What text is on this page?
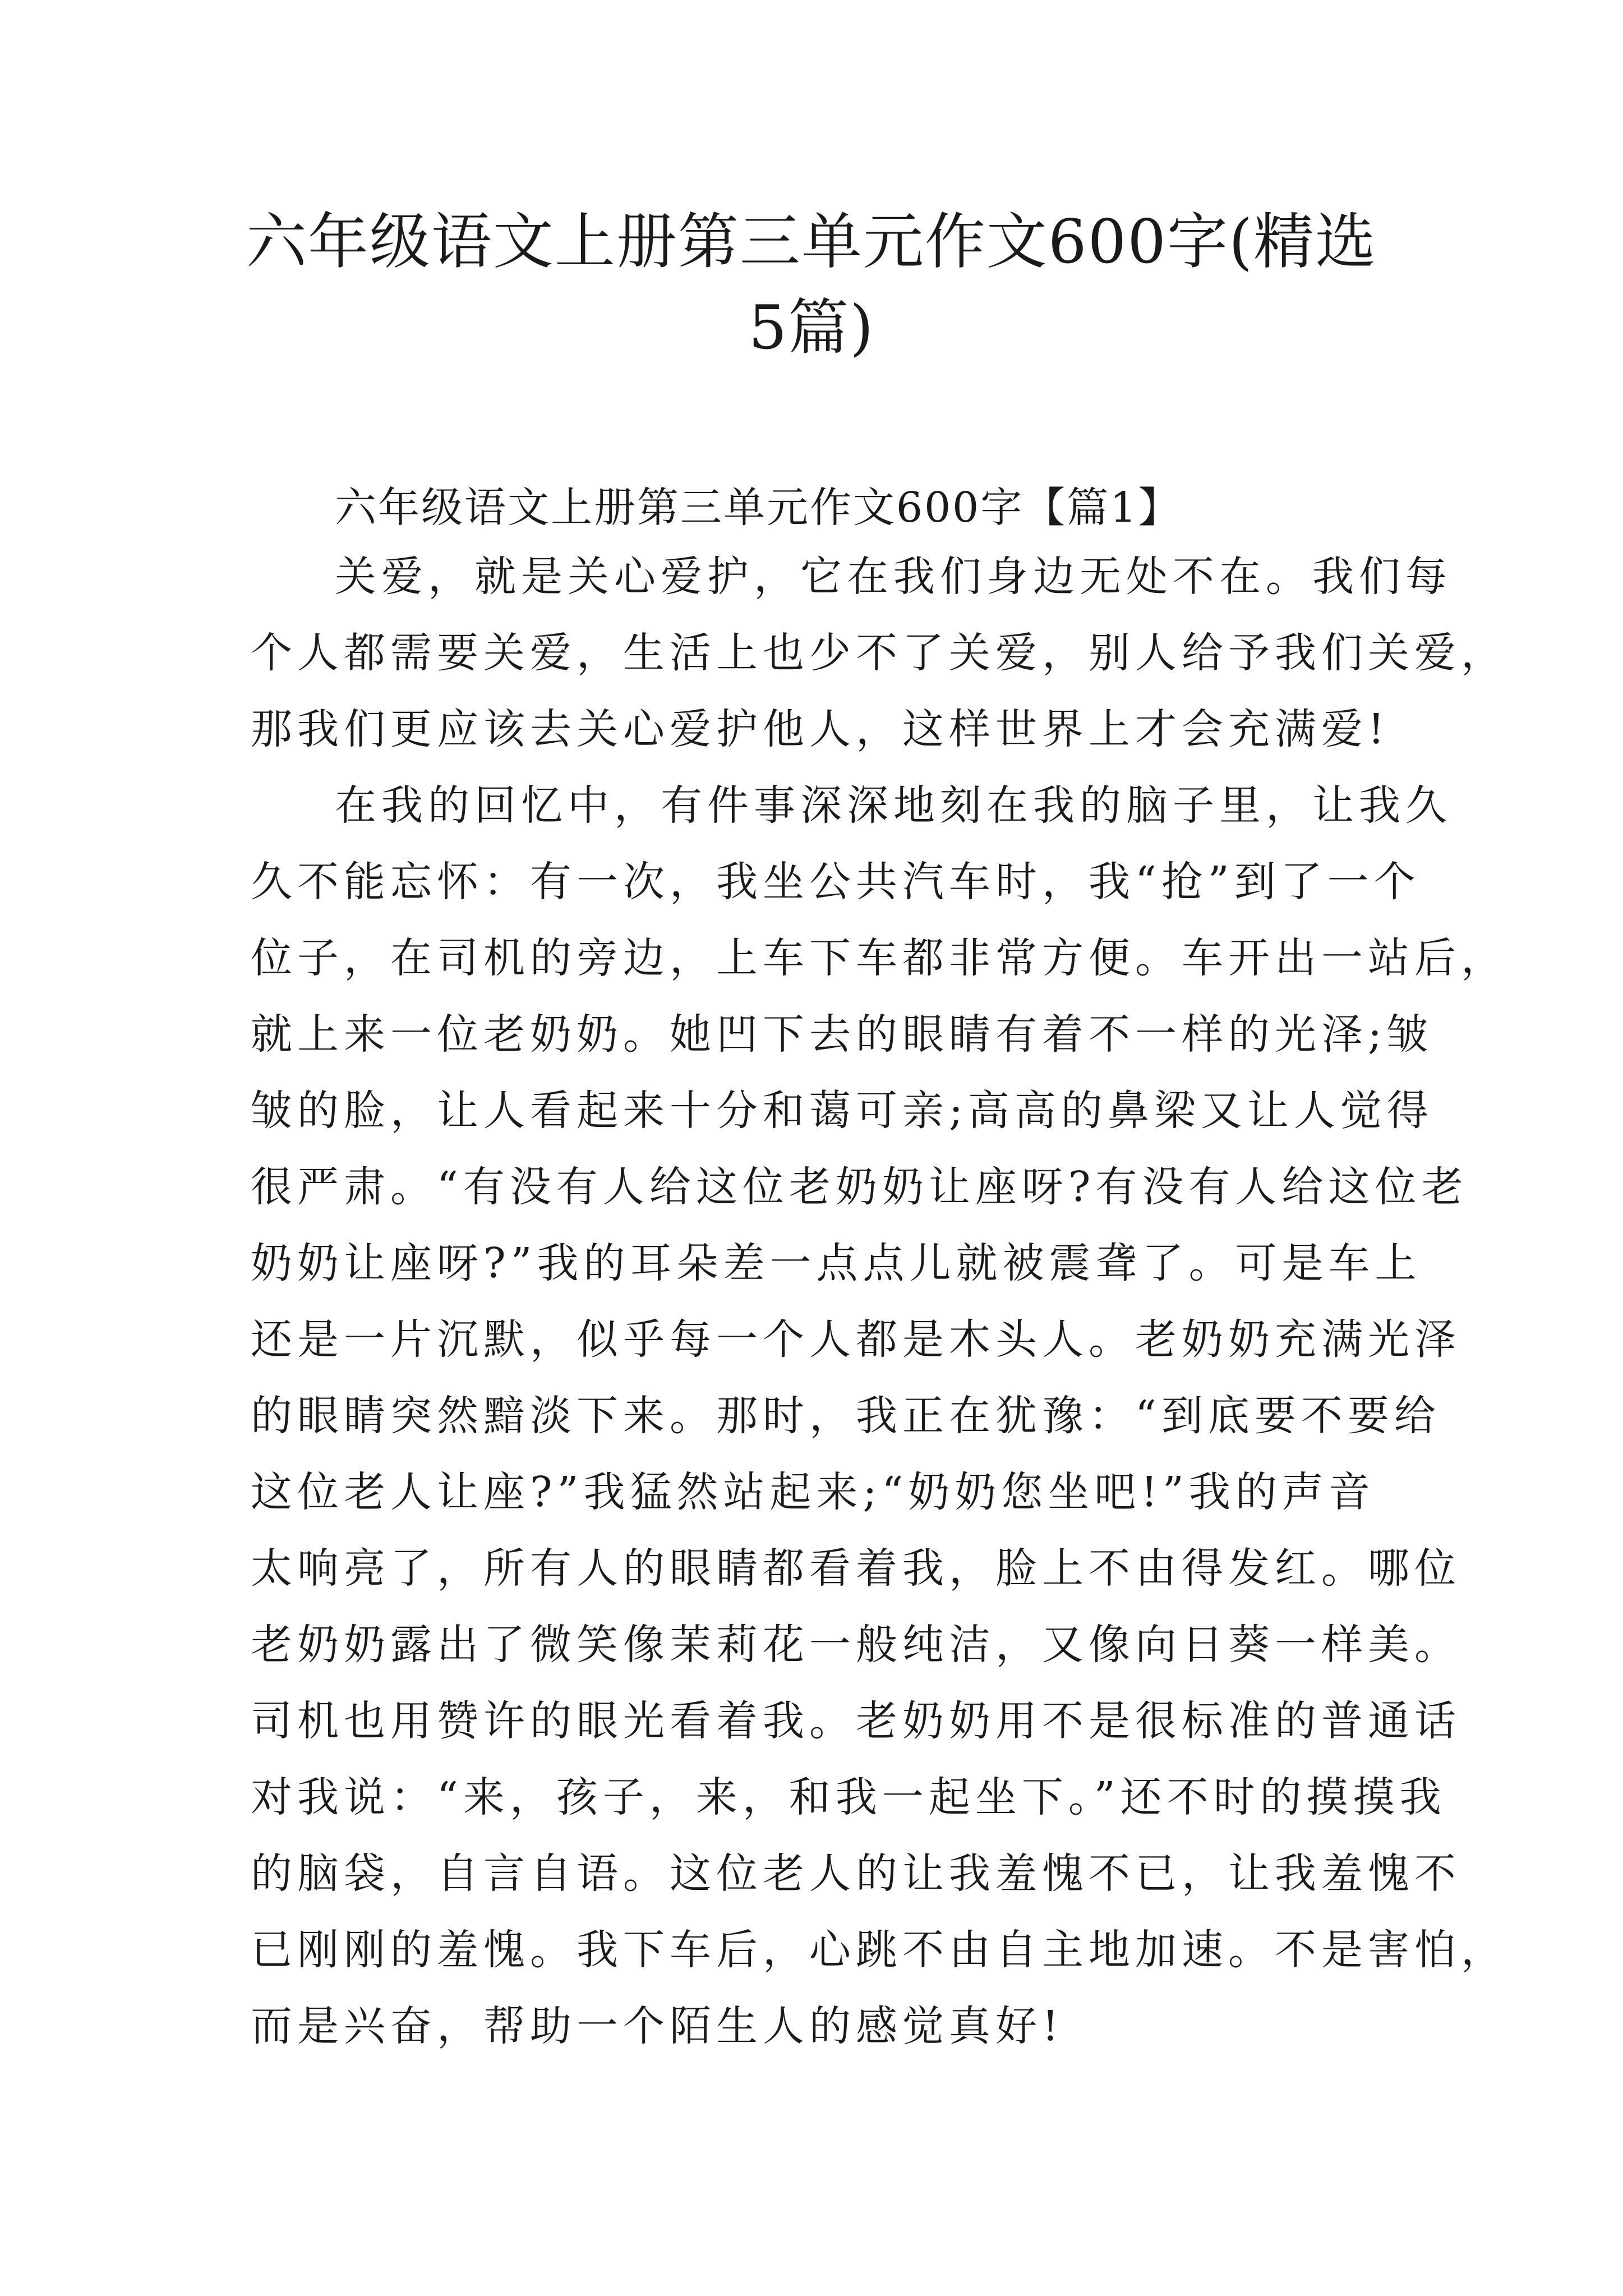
六年级语文上册第三单元作文600字(精选
5篇)
六年级语文上册第三单元作文600字【篇1】
关爱，就是关心爱护，它在我们身边无处不在。我们每
个人都需要关爱，生活上也少不了关爱，别人给予我们关爱，
那我们更应该去关心爱护他人，这样世界上才会充满爱!
在我的回忆中，有件事深深地刻在我的脑子里，让我久
久不能忘怀：有一次，我坐公共汽车时，我“抢”到了一个
位子，在司机的旁边，上车下车都非常方便。车开出一站后，
就上来一位老奶奶。她凹下去的眼睛有着不一样的光泽;皱
皱的脸，让人看起来十分和蔼可亲;高高的鼻梁又让人觉得
很严肃。“有没有人给这位老奶奶让座呀?有没有人给这位老
奶奶让座呀?”我的耳朵差一点点儿就被震聋了。可是车上
还是一片沉默，似乎每一个人都是木头人。老奶奶充满光泽
的眼睛突然黯淡下来。那时，我正在犹豫：“到底要不要给
这位老人让座?”我猛然站起来;“奶奶您坐吧!”我的声音
太响亮了，所有人的眼睛都看着我，脸上不由得发红。哪位
老奶奶露出了微笑像茉莉花一般纯洁，又像向日葵一样美。
司机也用赞许的眼光看着我。老奶奶用不是很标准的普通话
对我说：“来，孩子，来，和我一起坐下。”还不时的摸摸我
的脑袋，自言自语。这位老人的让我羞愧不已，让我羞愧不
已刚刚的羞愧。我下车后，心跳不由自主地加速。不是害怕，
而是兴奋，帮助一个陌生人的感觉真好!
